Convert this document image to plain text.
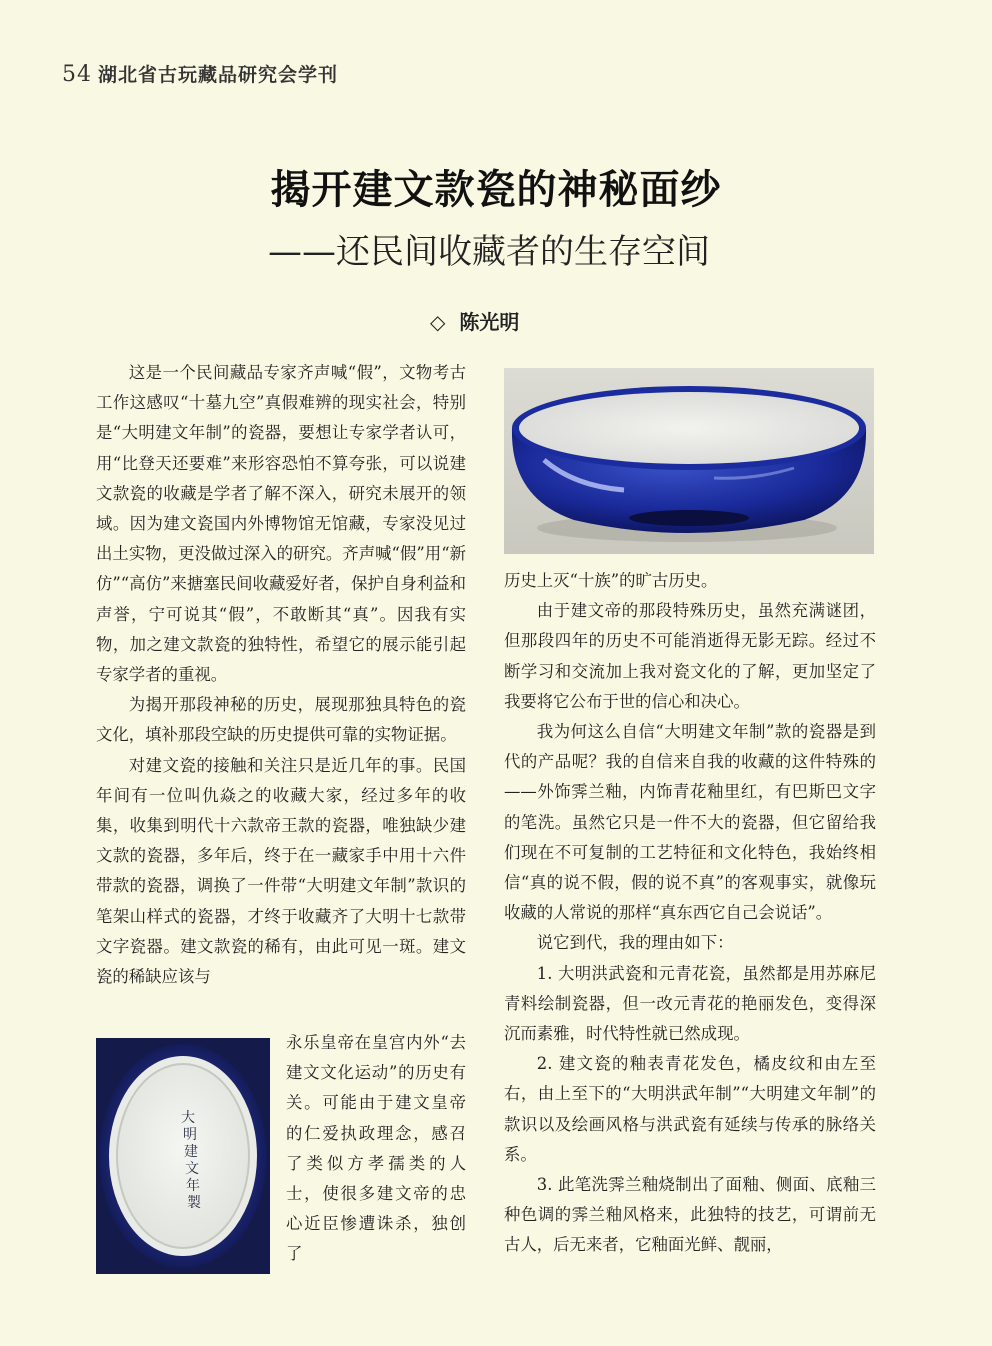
54 湖北省古玩藏品研究会学刊
揭开建文款瓷的神秘面纱
——还民间收藏者的生存空间
◇ 陈光明

这是一个民间藏品专家齐声喊“假”，文物考古工作这感叹“十墓九空”真假难辨的现实社会，特别是“大明建文年制”的瓷器，要想让专家学者认可，用“比登天还要难”来形容恐怕不算夸张，可以说建文款瓷的收藏是学者了解不深入，研究未展开的领域。因为建文瓷国内外博物馆无馆藏，专家没见过出土实物，更没做过深入的研究。齐声喊“假”用“新仿”“高仿”来搪塞民间收藏爱好者，保护自身利益和声誉，宁可说其“假”，不敢断其“真”。因我有实物，加之建文款瓷的独特性，希望它的展示能引起专家学者的重视。

为揭开那段神秘的历史，展现那独具特色的瓷文化，填补那段空缺的历史提供可靠的实物证据。

对建文瓷的接触和关注只是近几年的事。民国年间有一位叫仇焱之的收藏大家，经过多年的收集，收集到明代十六款帝王款的瓷器，唯独缺少建文款的瓷器，多年后，终于在一藏家手中用十六件带款的瓷器，调换了一件带“大明建文年制”款识的笔架山样式的瓷器，才终于收藏齐了大明十七款带文字瓷器。建文款瓷的稀有，由此可见一斑。建文瓷的稀缺应该与

永乐皇帝在皇宫内外“去建文文化运动”的历史有关。可能由于建文皇帝的仁爱执政理念，感召了类似方孝孺类的人士，使很多建文帝的忠心近臣惨遭诛杀，独创了
大
明
建
文
年
製

历史上灭“十族”的旷古历史。

由于建文帝的那段特殊历史，虽然充满谜团，但那段四年的历史不可能消逝得无影无踪。经过不断学习和交流加上我对瓷文化的了解，更加坚定了我要将它公布于世的信心和决心。

我为何这么自信“大明建文年制”款的瓷器是到代的产品呢？我的自信来自我的收藏的这件特殊的——外饰霁兰釉，内饰青花釉里红，有巴斯巴文字的笔洗。虽然它只是一件不大的瓷器，但它留给我们现在不可复制的工艺特征和文化特色，我始终相信“真的说不假，假的说不真”的客观事实，就像玩收藏的人常说的那样“真东西它自己会说话”。

说它到代，我的理由如下：

1. 大明洪武瓷和元青花瓷，虽然都是用苏麻尼青料绘制瓷器，但一改元青花的艳丽发色，变得深沉而素雅，时代特性就已然成现。

2. 建文瓷的釉表青花发色，橘皮纹和由左至右，由上至下的“大明洪武年制”“大明建文年制”的款识以及绘画风格与洪武瓷有延续与传承的脉络关系。

3. 此笔洗霁兰釉烧制出了面釉、侧面、底釉三种色调的霁兰釉风格来，此独特的技艺，可谓前无古人，后无来者，它釉面光鲜、靓丽，
